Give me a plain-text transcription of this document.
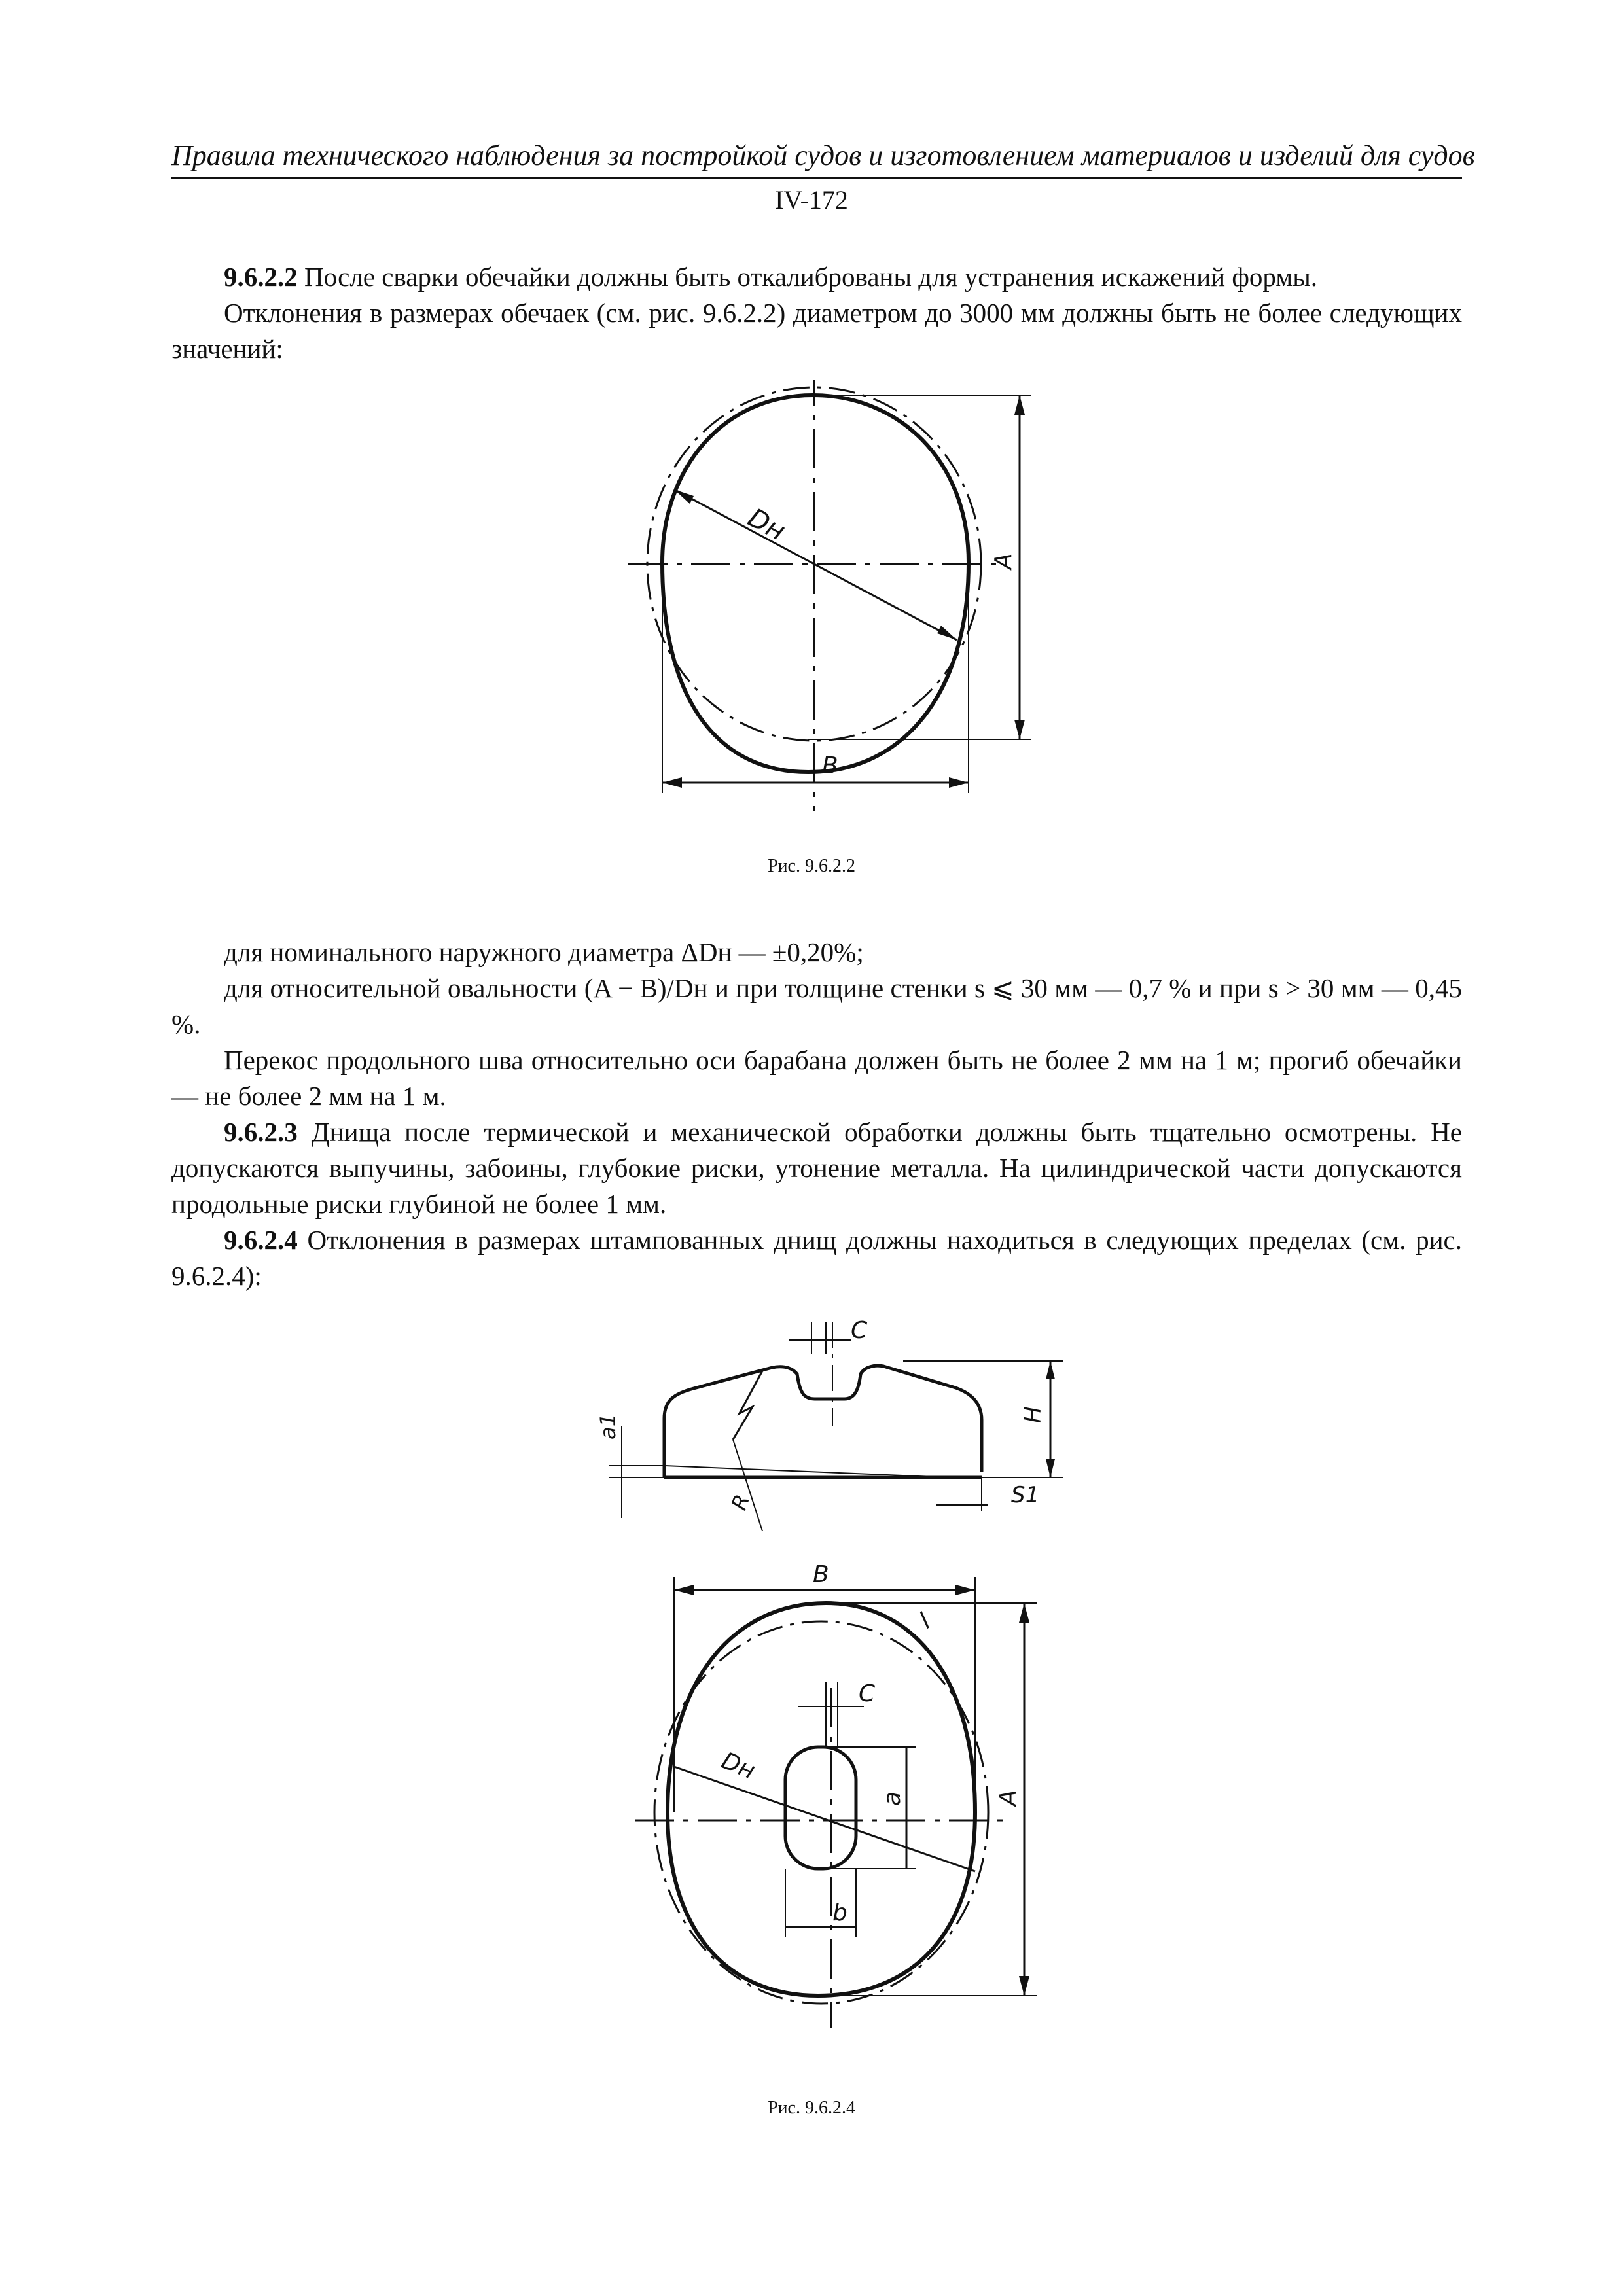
Правила технического наблюдения за постройкой судов и изготовлением материалов и изделий для судов
IV-172

9.6.2.2 После сварки обечайки должны быть откалиброваны для устранения искажений формы.

Отклонения в размерах обечаек (см. рис. 9.6.2.2) диаметром до 3000 мм должны быть не более следующих значений:

Dн
A
B
Рис. 9.6.2.2

для номинального наружного диаметра ΔDн — ±0,20%;

для относительной овальности (A − B)/Dн и при толщине стенки s ⩽ 30 мм — 0,7 % и при s > 30 мм — 0,45 %.

Перекос продольного шва относительно оси барабана должен быть не более 2 мм на 1 м; прогиб обечайки — не более 2 мм на 1 м.

9.6.2.3 Днища после термической и механической обработки должны быть тщательно осмотрены. Не допускаются выпучины, забоины, глубокие риски, утонение металла. На цилиндрической части допускаются продольные риски глубиной не более 1 мм.

9.6.2.4 Отклонения в размерах штампованных днищ должны находиться в следующих пределах (см. рис. 9.6.2.4):

C
H
a1
R	S1
B
l
C
Dн
a	A
b
Рис. 9.6.2.4
